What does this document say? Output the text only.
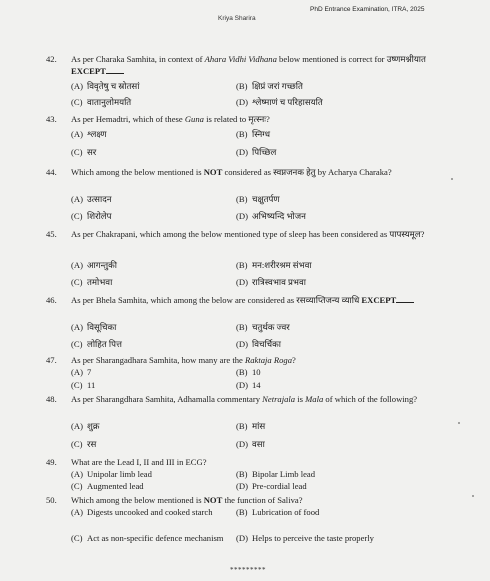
PhD Entrance Examination, ITRA, 2025
Kriya Sharira
42.	As per Charaka Samhita, in context of Ahara Vidhi Vidhana below mentioned is correct for उष्णमश्नीयात EXCEPT
(A) विवृतेषु च स्रोतसां	(B) क्षिप्रं जरां गच्छति
(C) वातानुलोमयति	(D) श्लेष्माणं च परिहासयति
43.	As per Hemadtri, which of these Guna is related to मृत्स्नः?
(A) श्लक्ष्ण	(B) स्निग्ध
(C) सर	(D) पिच्छिल
44.	Which among the below mentioned is NOT considered as स्वप्नजनक हेतु by Acharya Charaka?
(A) उत्सादन	(B) चक्षुतर्पण
(C) शिरोलेप	(D) अभिष्यन्दि भोजन
45.	As per Chakrapani, which among the below mentioned type of sleep has been considered as पापस्यमूल?
(A) आगन्तुकी	(B) मन:शरीरश्रम संभवा
(C) तमोभवा	(D) रात्रिस्वभाव प्रभवा
46.	As per Bhela Samhita, which among the below are considered as रसव्याप्तिजन्य व्याधि EXCEPT
(A) विसूचिका	(B) चतुर्थक ज्वर
(C) लोहित पित्त	(D) विचर्चिका
47.	As per Sharangadhara Samhita, how many are the Raktaja Roga?
(A) 7	(B) 10
(C) 11	(D) 14
48.	As per Sharangdhara Samhita, Adhamalla commentary Netrajala is Mala of which of the following?
(A) शुक्र	(B) मांस
(C) रस	(D) वसा
49.	What are the Lead I, II and III in ECG?
(A) Unipolar limb lead	(B) Bipolar Limb lead
(C) Augmented lead	(D) Pre-cordial lead
50.	Which among the below mentioned is NOT the function of Saliva?
(A) Digests uncooked and cooked starch	(B) Lubrication of food
(C) Act as non-specific defence mechanism	(D) Helps to perceive the taste properly
*********
